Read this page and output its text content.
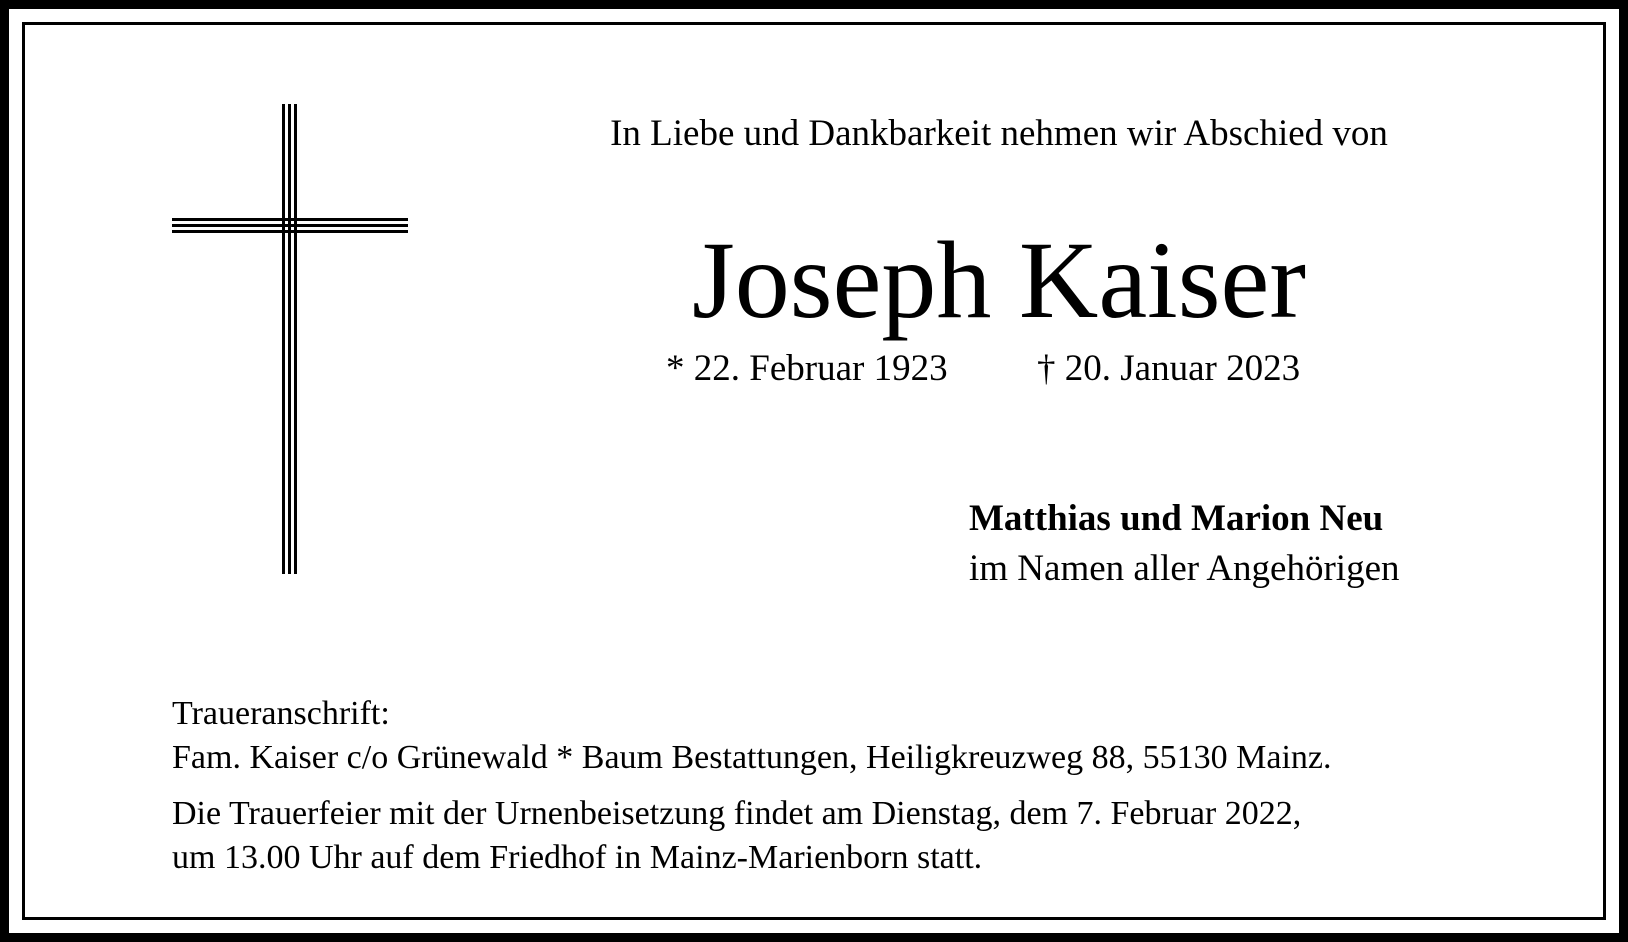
In Liebe und Dankbarkeit nehmen wir Abschied von
Joseph Kaiser
* 22. Februar 1923 † 20. Januar 2023
Matthias und Marion Neu
im Namen aller Angehörigen
Traueranschrift:
Fam. Kaiser c/o Grünewald * Baum Bestattungen, Heiligkreuzweg 88, 55130 Mainz.
Die Trauerfeier mit der Urnenbeisetzung findet am Dienstag, dem 7. Februar 2022,
um 13.00 Uhr auf dem Friedhof in Mainz-Marienborn statt.
